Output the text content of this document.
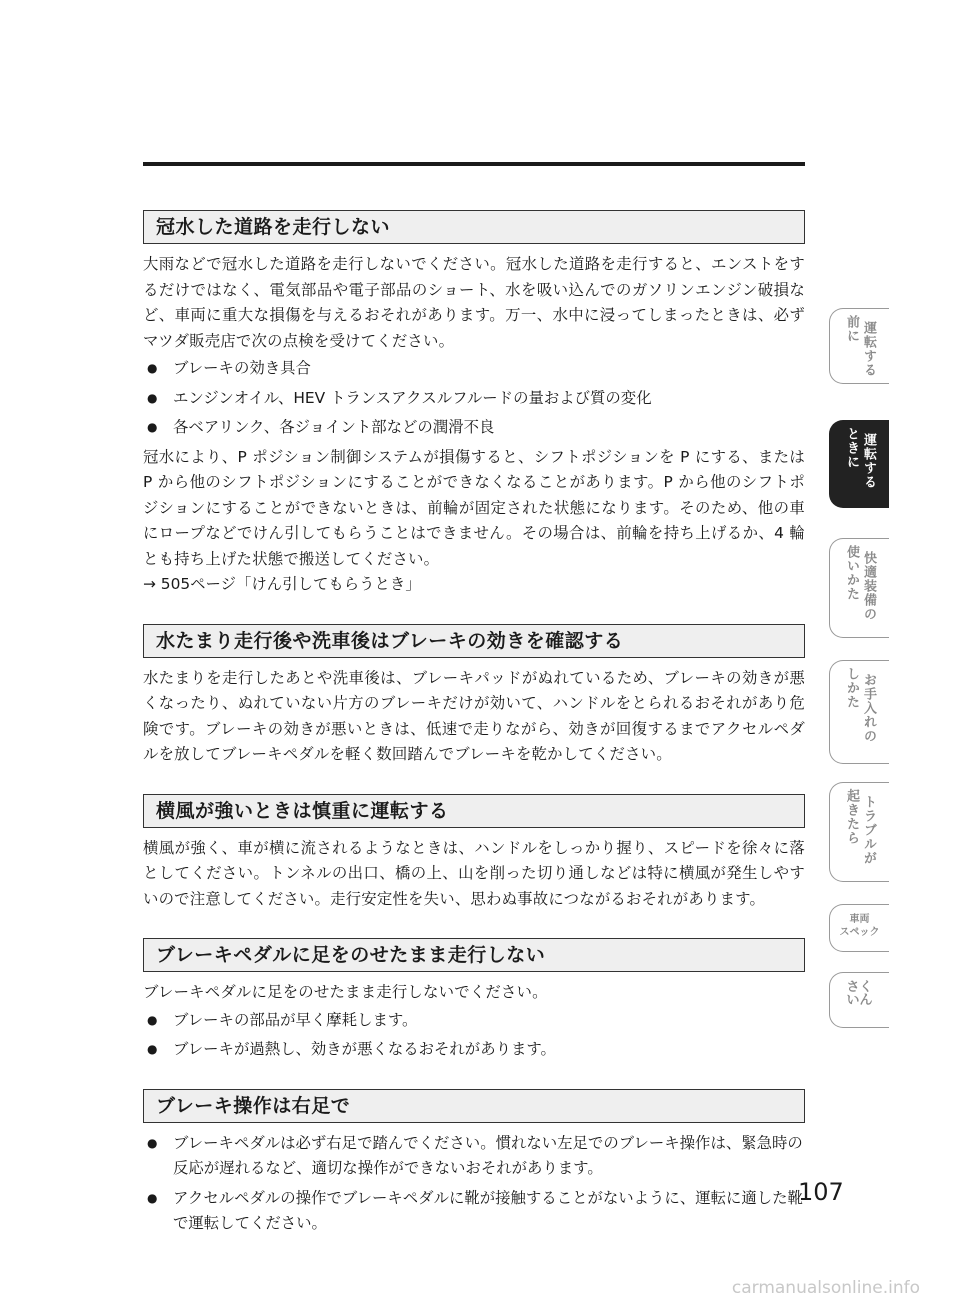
冠水した道路を走行しない

大雨などで冠水した道路を走行しないでください。冠水した道路を走行すると、エンストをするだけではなく、電気部品や電子部品のショート、水を吸い込んでのガソリンエンジン破損など、車両に重大な損傷を与えるおそれがあります。万一、水中に浸ってしまったときは、必ずマツダ販売店で次の点検を受けてください。

● ブレーキの効き具合
● エンジンオイル、HEV トランスアクスルフルードの量および質の変化
● 各ベアリンク、各ジョイント部などの潤滑不良

冠水により、P ポジション制御システムが損傷すると、シフトポジションを P にする、または P から他のシフトポジションにすることができなくなることがあります。P から他のシフトポジションにすることができないときは、前輪が固定された状態になります。そのため、他の車にロープなどでけん引してもらうことはできません。その場合は、前輪を持ち上げるか、4 輪とも持ち上げた状態で搬送してください。

→ 505ページ「けん引してもらうとき」

水たまり走行後や洗車後はブレーキの効きを確認する

水たまりを走行したあとや洗車後は、ブレーキパッドがぬれているため、ブレーキの効きが悪くなったり、ぬれていない片方のブレーキだけが効いて、ハンドルをとられるおそれがあり危険です。ブレーキの効きが悪いときは、低速で走りながら、効きが回復するまでアクセルペダルを放してブレーキペダルを軽く数回踏んでブレーキを乾かしてください。

横風が強いときは慎重に運転する

横風が強く、車が横に流されるようなときは、ハンドルをしっかり握り、スピードを徐々に落としてください。トンネルの出口、橋の上、山を削った切り通しなどは特に横風が発生しやすいので注意してください。走行安定性を失い、思わぬ事故につながるおそれがあります。

ブレーキペダルに足をのせたまま走行しない

ブレーキペダルに足をのせたまま走行しないでください。

● ブレーキの部品が早く摩耗します。
● ブレーキが過熱し、効きが悪くなるおそれがあります。
ブレーキ操作は右足で
● ブレーキペダルは必ず右足で踏んでください。慣れない左足でのブレーキ操作は、緊急時の反応が遅れるなど、適切な操作ができないおそれがあります。
● アクセルペダルの操作でブレーキペダルに靴が接触することがないように、運転に適した靴で運転してください。
運転する
前に
運転する
ときに
快適装備の
使いかた
お手入れの
しかた
トラブルが
起きたら
車両
スペック
さく
いん
107
carmanualsonline.info
